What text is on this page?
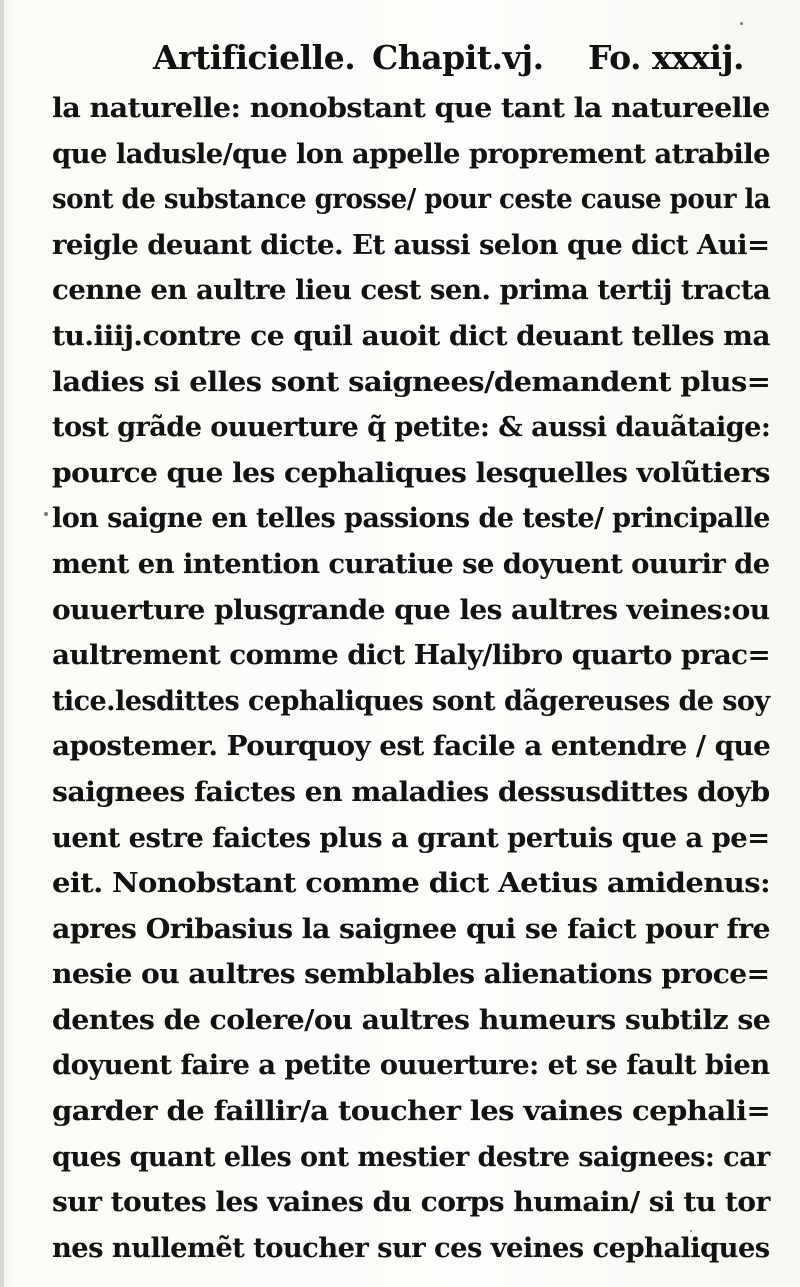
Artificielle. Chapit.vj. Fo. xxxij.
la naturelle: nonobstant que tant la natureelle
que ladusle/que lon appelle proprement atrabile
sont de substance grosse/ pour ceste cause pour la
reigle deuant dicte. Et aussi selon que dict Aui=
cenne en aultre lieu cest sen. prima tertij tracta
tu.iiij.contre ce quil auoit dict deuant telles ma
ladies si elles sont saignees/demandent plus=
tost grãde ouuerture q̃ petite: & aussi dauãtaige:
pource que les cephaliques lesquelles volũtiers
lon saigne en telles passions de teste/ principalle
ment en intention curatiue se doyuent ouurir de
ouuerture plusgrande que les aultres veines:ou
aultrement comme dict Haly/libro quarto prac=
tice.lesdittes cephaliques sont dãgereuses de soy
apostemer. Pourquoy est facile a entendre / que
saignees faictes en maladies dessusdittes doyb
uent estre faictes plus a grant pertuis que a pe=
eit. Nonobstant comme dict Aetius amidenus:
apres Oribasius la saignee qui se faict pour fre
nesie ou aultres semblables alienations proce=
dentes de colere/ou aultres humeurs subtilz se
doyuent faire a petite ouuerture: et se fault bien
garder de faillir/a toucher les vaines cephali=
ques quant elles ont mestier destre saignees: car
sur toutes les vaines du corps humain/ si tu tor
nes nullemẽt toucher sur ces veines cephaliques
